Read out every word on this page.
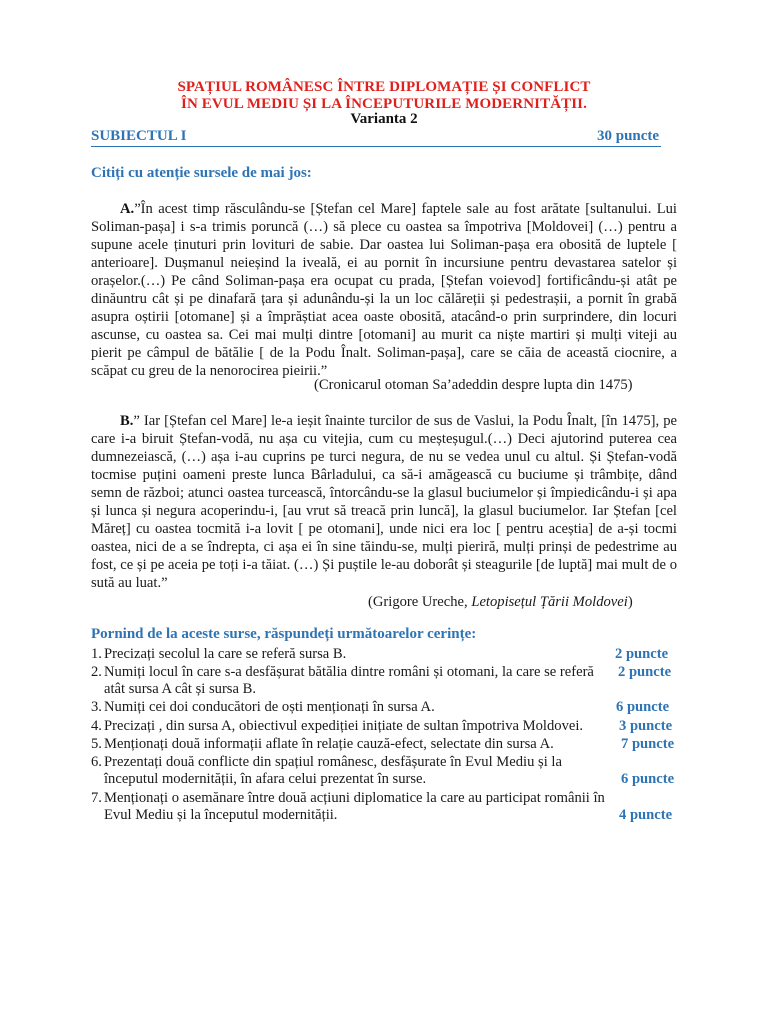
SPAȚIUL ROMÂNESC ÎNTRE DIPLOMAȚIE ȘI CONFLICT
ÎN EVUL MEDIU ȘI LA ÎNCEPUTURILE MODERNITĂȚII.
Varianta 2
SUBIECTUL I	30 puncte
Citiți cu atenție sursele de mai jos:

A.”În acest timp răsculându-se [Ștefan cel Mare] faptele sale au fost arătate [sultanului. Lui Soliman-pașa] i s-a trimis poruncă (…) să plece cu oastea sa împotriva [Moldovei] (…) pentru a supune acele ținuturi prin lovituri de sabie. Dar oastea lui Soliman-pașa era obosită de luptele [ anterioare]. Dușmanul neieșind la iveală, ei au pornit în incursiune pentru devastarea satelor și orașelor.(…) Pe când Soliman-pașa era ocupat cu prada, [Ștefan voievod] fortificându-și atât pe dinăuntru cât și pe dinafară țara și adunându-și la un loc călăreții și pedestrașii, a pornit în grabă asupra oștirii [otomane] și a împrăștiat acea oaste obosită, atacând-o prin surprindere, din locuri ascunse, cu oastea sa. Cei mai mulți dintre [otomani] au murit ca niște martiri și mulți viteji au pierit pe câmpul de bătălie [ de la Podu Înalt. Soliman-pașa], care se căia de această ciocnire, a scăpat cu greu de la nenorocirea pieirii.”

(Cronicarul otoman Sa’adeddin despre lupta din 1475)

B.” Iar [Ștefan cel Mare] le-a ieșit înainte turcilor de sus de Vaslui, la Podu Înalt, [în 1475], pe care i-a biruit Ștefan-vodă, nu așa cu vitejia, cum cu meșteșugul.(…) Deci ajutorind puterea cea dumnezeiască, (…) așa i-au cuprins pe turci negura, de nu se vedea unul cu altul. Și Ștefan-vodă tocmise puțini oameni preste lunca Bârladului, ca să-i amăgească cu buciume și trâmbițe, dând semn de război; atunci oastea turcească, întorcându-se la glasul buciumelor și împiedicându-i și apa și lunca și negura acoperindu-i, [au vrut să treacă prin luncă], la glasul buciumelor. Iar Ștefan [cel Măreț] cu oastea tocmită i-a lovit [ pe otomani], unde nici era loc [ pentru aceștia] de a-și tocmi oastea, nici de a se îndrepta, ci așa ei în sine tăindu-se, mulți pieriră, mulți prinși de pedestrime au fost, ce și pe aceia pe toți i-a tăiat. (…) Și puștile le-au doborât și steagurile [de luptă] mai mult de o sută au luat.”

(Grigore Ureche, Letopisețul Țării Moldovei)
Pornind de la aceste surse, răspundeți următoarelor cerințe:
1. Precizați secolul la care se referă sursa B.	2 puncte
2. Numiți locul în care s-a desfășurat bătălia dintre români și otomani, la care se referă atât sursa A cât și sursa B.
2 puncte
3. Numiți cei doi conducători de oști menționați în sursa A.	6 puncte
4. Precizați , din sursa A, obiectivul expediției inițiate de sultan împotriva Moldovei.	3 puncte
5. Menționați două informații aflate în relație cauză-efect, selectate din sursa A.	7 puncte
6. Prezentați două conflicte din spațiul românesc, desfășurate în Evul Mediu și la începutul modernității, în afara celui prezentat în surse.	6 puncte
7. Menționați o asemănare între două acțiuni diplomatice la care au participat românii în Evul Mediu și la începutul modernității.	4 puncte
